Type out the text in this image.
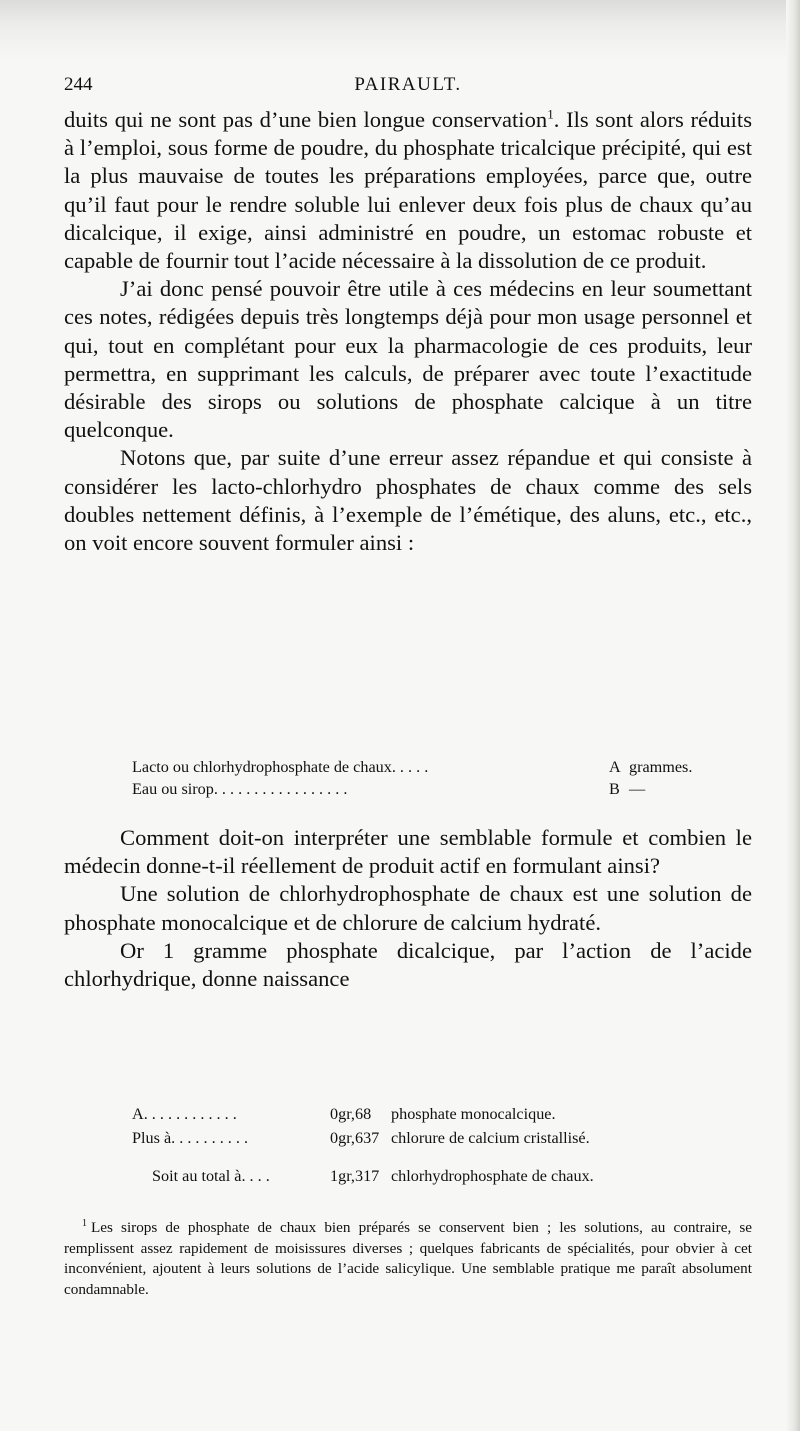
244	PAIRAULT.

duits qui ne sont pas d’une bien longue conservation$^1$. Ils sont alors réduits à l’emploi, sous forme de poudre, du phosphate tricalcique précipité, qui est la plus mauvaise de toutes les préparations employées, parce que, outre qu’il faut pour le rendre soluble lui enlever deux fois plus de chaux qu’au dicalcique, il exige, ainsi administré en poudre, un estomac robuste et capable de fournir tout l’acide nécessaire à la dissolution de ce produit.

J’ai donc pensé pouvoir être utile à ces médecins en leur soumettant ces notes, rédigées depuis très longtemps déjà pour mon usage personnel et qui, tout en complétant pour eux la pharmacologie de ces produits, leur permettra, en supprimant les calculs, de préparer avec toute l’exactitude désirable des sirops ou solutions de phosphate calcique à un titre quelconque.

Notons que, par suite d’une erreur assez répandue et qui consiste à considérer les lacto-chlorhydro phosphates de chaux comme des sels doubles nettement définis, à l’exemple de l’émétique, des aluns, etc., etc., on voit encore souvent formuler ainsi :

Lacto ou chlorhydrophosphate de chaux. . . . .	A grammes.
Eau ou sirop. . . . . . . . . . . . . . . . .	B —

Comment doit-on interpréter une semblable formule et combien le médecin donne-t-il réellement de produit actif en formulant ainsi?

Une solution de chlorhydrophosphate de chaux est une solution de phosphate monocalcique et de chlorure de calcium hydraté.

Or 1 gramme phosphate dicalcique, par l’action de l’acide chlorhydrique, donne naissance

A. . . . . . . . . . . .	0gr,68 phosphate monocalcique.
Plus à. . . . . . . . . .	0gr,637 chlorure de calcium cristallisé.
Soit au total à. . . .	1gr,317 chlorhydrophosphate de chaux.
$^1$ Les sirops de phosphate de chaux bien préparés se conservent bien ; les solutions, au contraire, se remplissent assez rapidement de moisissures diverses ; quelques fabricants de spécialités, pour obvier à cet inconvénient, ajoutent à leurs solutions de l’acide salicylique. Une semblable pratique me paraît absolument condamnable.
